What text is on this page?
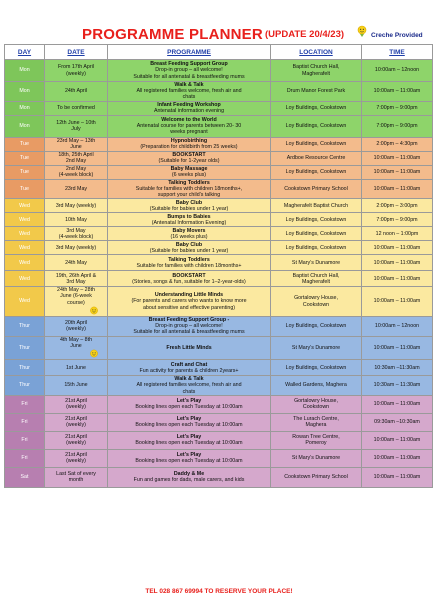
PROGRAMME PLANNER (UPDATE 20/4/23)	Creche Provided
DAY	DATE	PROGRAMME	LOCATION	TIME
Mon	From 17th April
(weekly)	Breast Feeding Support Group
Drop-in group – all welcome!
Suitable for all antenatal & breastfeeding mums	Baptist Church Hall,
Magherafelt	10:00am – 12noon
Mon	24th April	Walk & Talk
All registered families welcome, fresh air and
chats	Drum Manor Forest Park	10:00am – 11:00am
Mon	To be confirmed	Infant Feeding Workshop
Antenatal information evening	Loy Buildings, Cookstown	7:00pm – 9:00pm
Mon	12th June – 10th
July	Welcome to the World
Antenatal course for parents between 20- 30
weeks pregnant	Loy Buildings, Cookstown	7:00pm – 9:00pm
Tue	23rd May – 13th
June	Hypnobirthing
(Preparation for childbirth from 25 weeks)	Loy Buildings, Cookstown	2:00pm – 4:30pm
Tue	18th, 25th April
2nd May	BOOKSTART
(Suitable for 1-2year olds)	Ardboe Resource Centre	10:00am – 11:00am
Tue	2nd May
(4-week block)	Baby Massage
(6 weeks plus)	Loy Buildings, Cookstown	10:00am – 11:00am
Tue	23rd May	Talking Toddlers
Suitable for families with children 18months+,
support your child’s talking	Cookstown Primary School	10:00am – 11:00am
Wed	3rd May (weekly)	Baby Club
(Suitable for babies under 1 year)	Magherafelt Baptist Church	2:00pm – 3:00pm
Wed	10th May	Bumps to Babies
(Antenatal Information Evening)	Loy Buildings, Cookstown	7:00pm – 9:00pm
Wed	3rd May
(4-week block)	Baby Movers
(16 weeks plus)	Loy Buildings, Cookstown	12 noon – 1:00pm
Wed	3rd May (weekly)	Baby Club
(Suitable for babies under 1 year)	Loy Buildings, Cookstown	10:00am – 11:00am
Wed	24th May	Talking Toddlers
Suitable for families with children 18months+	St Mary’s Dunamore	10:00am – 11:00am
Wed	19th, 26th April &
3rd May	BOOKSTART
(Stories, songs & fun, suitable for 1–2-year-olds)	Baptist Church Hall,
Magherafelt	10:00am – 11:00am
Wed	24th May – 28th
June (6-week
course)	Understanding Little Minds
(For parents and carers who wants to know more
about sensitive and effective parenting)	Gortalowry House,
Cookstown	10:00am – 11:00am
Thur	20th April
(weekly)	Breast Feeding Support Group -
Drop-in group – all welcome!
Suitable for all antenatal & breastfeeding mums	Loy Buildings, Cookstown	10:00am – 12noon
Thur	4th May – 8th
June	Fresh Little Minds	St Mary’s Dunamore	10:00am – 11:00am
Thur	1st June	Craft and Chat
Fun activity for parents & children 2years+	Loy Buildings, Cookstown	10:30am –11:30am
Thur	15th June	Walk & Talk
All registered families welcome, fresh air and
chats	Walled Gardens, Maghera	10:30am – 11:30am
Fri	21st April
(weekly)	Let’s Play
Booking lines open each Tuesday at 10:00am	Gortalowry House,
Cookstown	10:00am – 11:00am
Fri	21st April
(weekly)	Let’s Play
Booking lines open each Tuesday at 10:00am	The Lurach Centre,
Maghera	09:30am –10:30am
Fri	21st April
(weekly)	Let’s Play
Booking lines open each Tuesday at 10:00am	Rowan Tree Centre,
Pomeroy	10:00am – 11:00am
Fri	21st April
(weekly)	Let’s Play
Booking lines open each Tuesday at 10:00am	St Mary’s Dunamore	10:00am – 11:00am
Sat	Last Sat of every
month	Daddy & Me
Fun and games for dads, male carers, and kids	Cookstown Primary School	10:00am – 11:00am
TEL 028 867 69994 TO RESERVE YOUR PLACE!
